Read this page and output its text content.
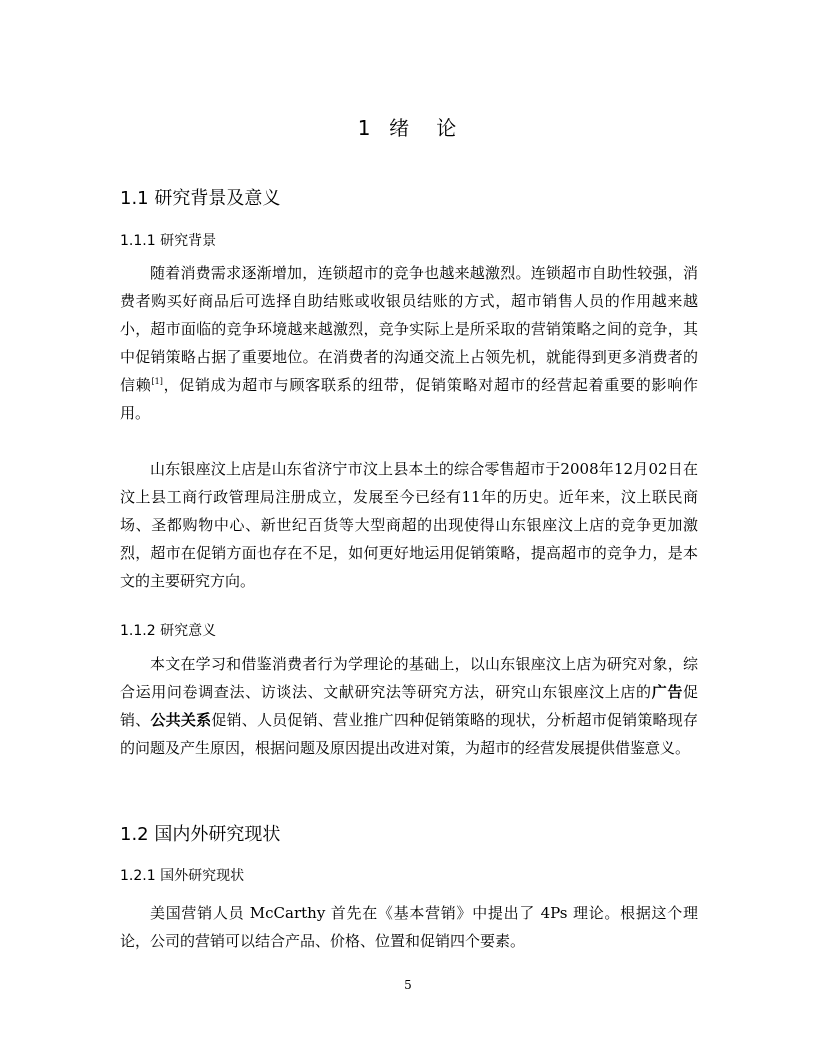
1  绪   论
1.1 研究背景及意义
1.1.1 研究背景

随着消费需求逐渐增加，连锁超市的竞争也越来越激烈。连锁超市自助性较强，消费者购买好商品后可选择自助结账或收银员结账的方式，超市销售人员的作用越来越小，超市面临的竞争环境越来越激烈，竞争实际上是所采取的营销策略之间的竞争，其中促销策略占据了重要地位。在消费者的沟通交流上占领先机，就能得到更多消费者的信赖[1]，促销成为超市与顾客联系的纽带，促销策略对超市的经营起着重要的影响作用。

山东银座汶上店是山东省济宁市汶上县本土的综合零售超市于2008年12月02日在汶上县工商行政管理局注册成立，发展至今已经有11年的历史。近年来，汶上联民商场、圣都购物中心、新世纪百货等大型商超的出现使得山东银座汶上店的竞争更加激烈，超市在促销方面也存在不足，如何更好地运用促销策略，提高超市的竞争力，是本文的主要研究方向。

1.1.2 研究意义

本文在学习和借鉴消费者行为学理论的基础上，以山东银座汶上店为研究对象，综合运用问卷调查法、访谈法、文献研究法等研究方法，研究山东银座汶上店的广告促销、公共关系促销、人员促销、营业推广四种促销策略的现状，分析超市促销策略现存的问题及产生原因，根据问题及原因提出改进对策，为超市的经营发展提供借鉴意义。

1.2 国内外研究现状
1.2.1 国外研究现状

美国营销人员 McCarthy 首先在《基本营销》中提出了 4Ps 理论。根据这个理论，公司的营销可以结合产品、价格、位置和促销四个要素。

5
